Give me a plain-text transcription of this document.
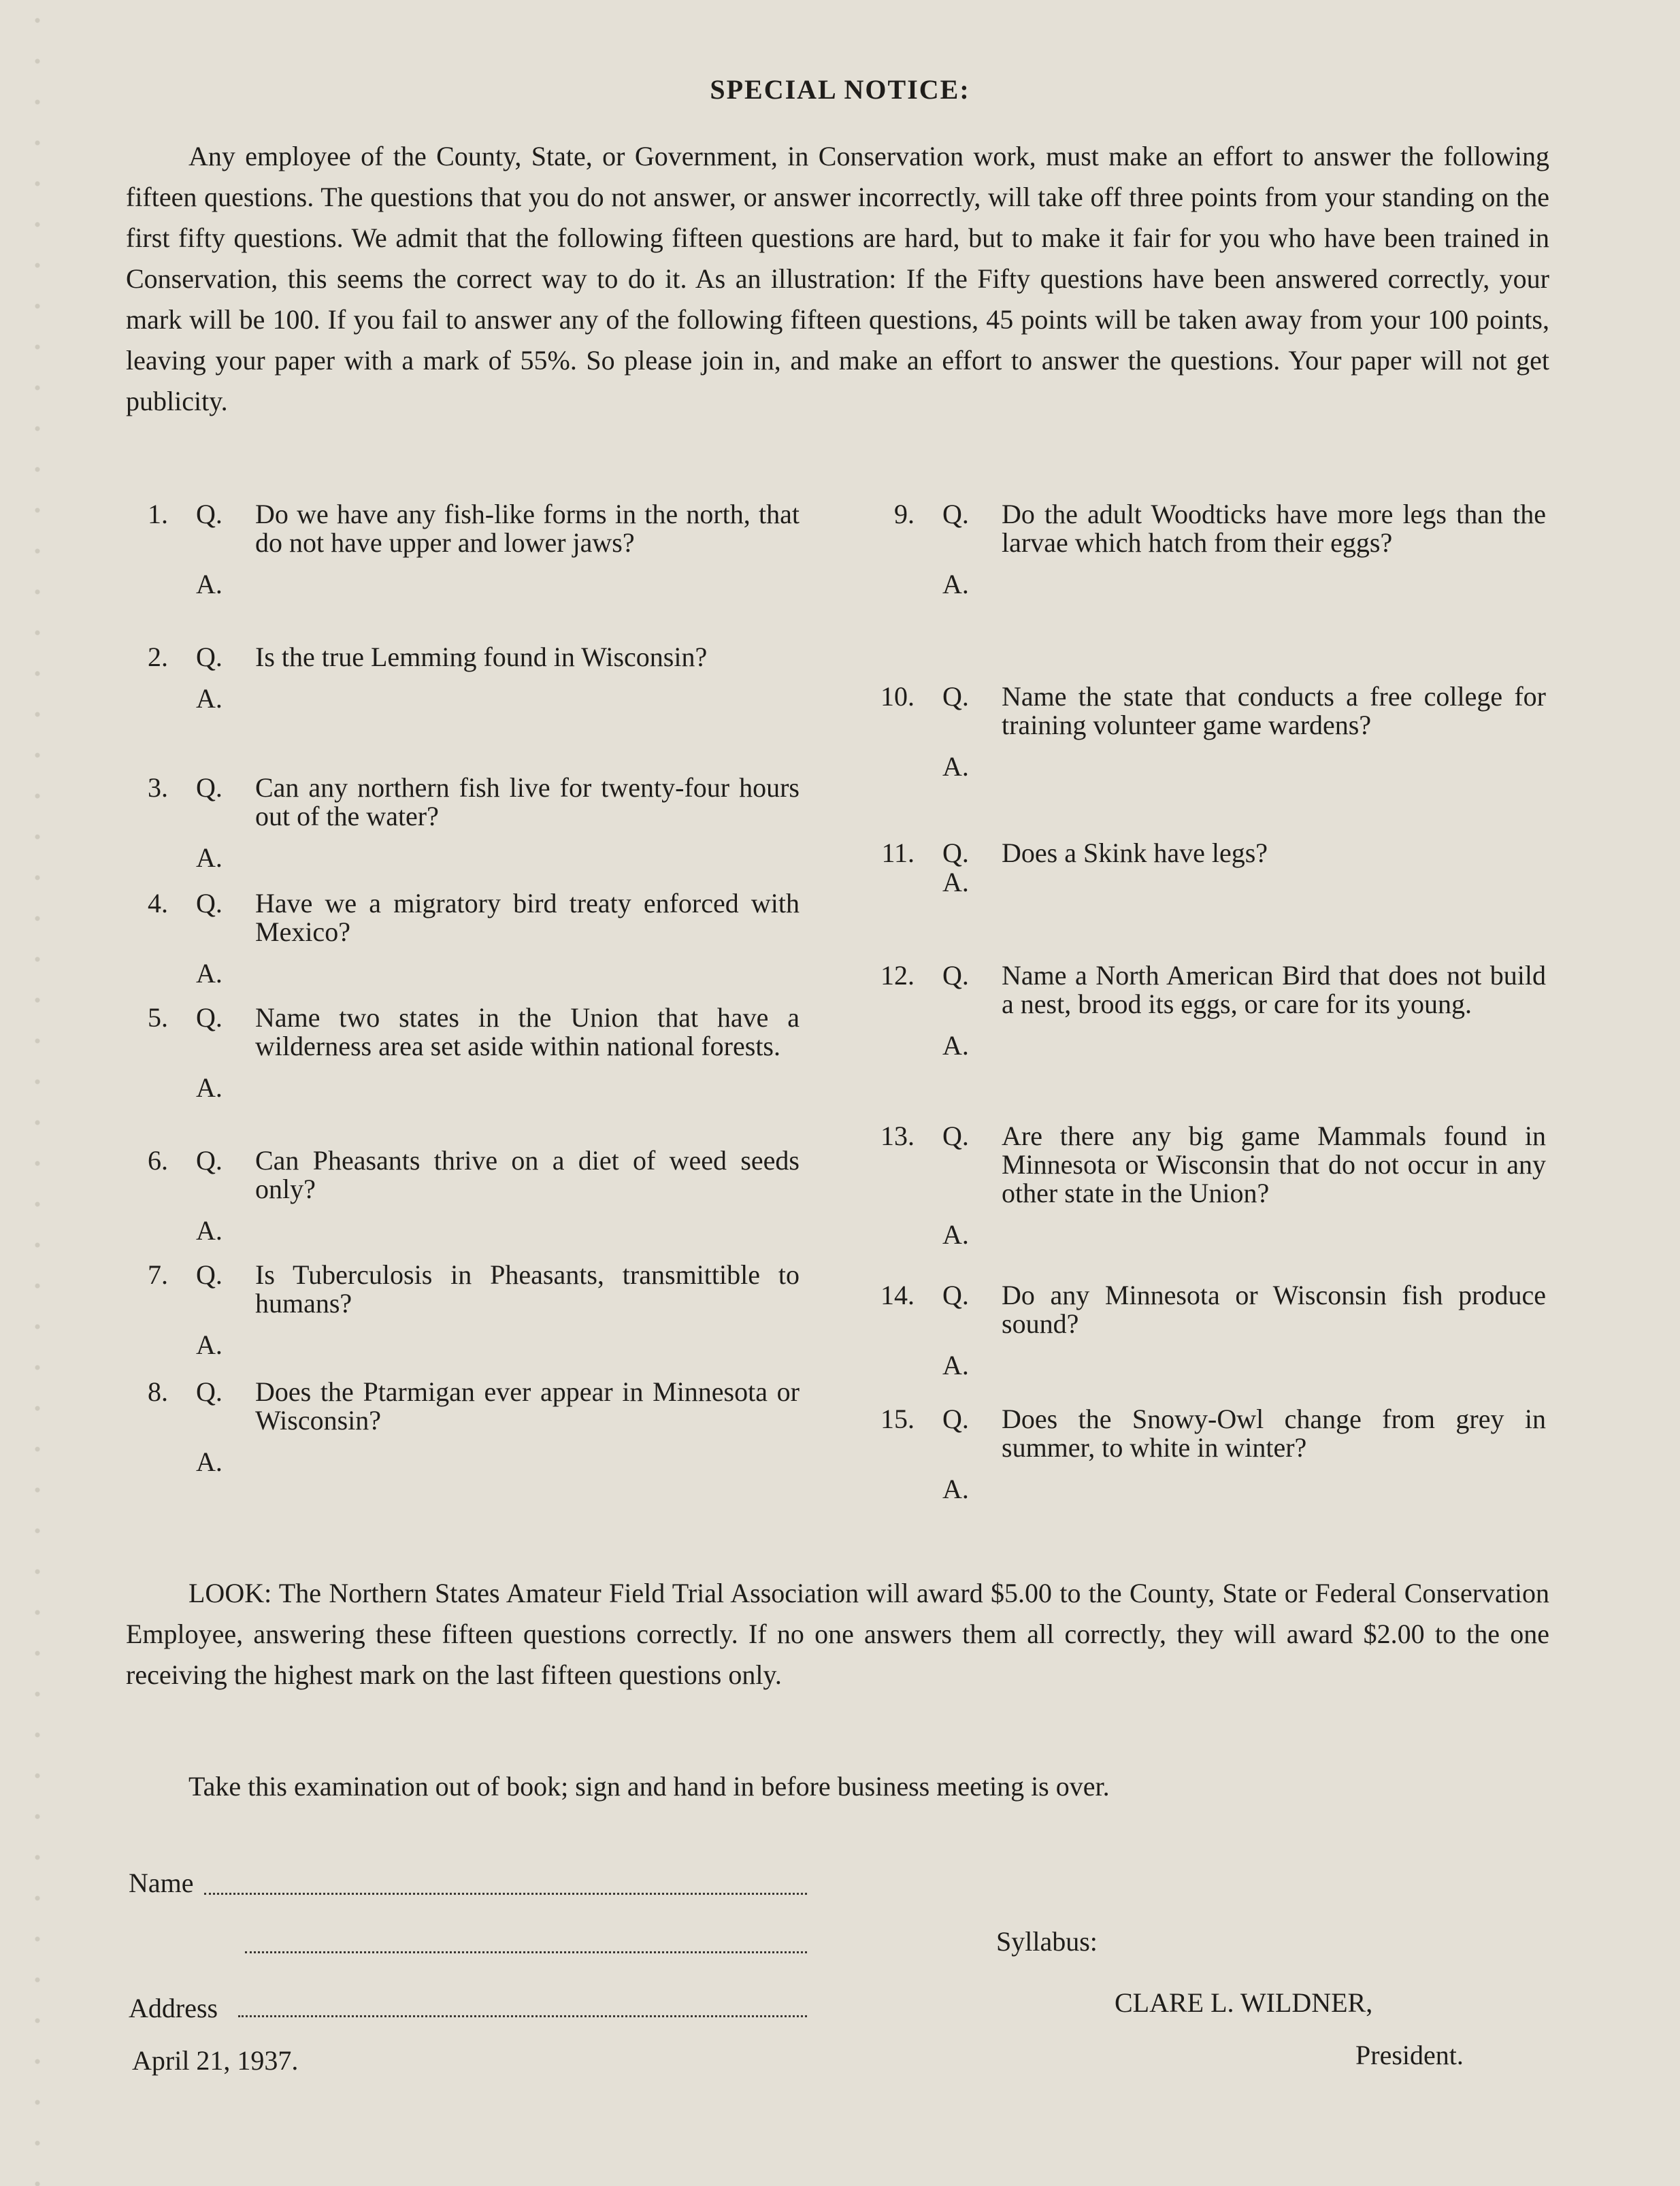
SPECIAL NOTICE:

Any employee of the County, State, or Government, in Conservation work, must make an effort to answer the following fifteen questions. The questions that you do not answer, or answer incorrectly, will take off three points from your standing on the first fifty questions. We admit that the following fifteen questions are hard, but to make it fair for you who have been trained in Conservation, this seems the correct way to do it. As an illustration: If the Fifty questions have been answered correctly, your mark will be 100. If you fail to answer any of the following fifteen questions, 45 points will be taken away from your 100 points, leaving your paper with a mark of 55%. So please join in, and make an effort to answer the questions. Your paper will not get publicity.

1. Q. Do we have any fish-like forms in the north, that do not have upper and lower jaws?
A.
2. Q. Is the true Lemming found in Wisconsin?
A.
3. Q. Can any northern fish live for twenty-four hours out of the water?
A.
4. Q. Have we a migratory bird treaty enforced with Mexico?
A.
5. Q. Name two states in the Union that have a wilderness area set aside within national forests.
A.
6. Q. Can Pheasants thrive on a diet of weed seeds only?
A.
7. Q. Is Tuberculosis in Pheasants, transmittible to humans?
A.
8. Q. Does the Ptarmigan ever appear in Minnesota or Wisconsin?
A.
9. Q. Do the adult Woodticks have more legs than the larvae which hatch from their eggs?
A.
10. Q. Name the state that conducts a free college for training volunteer game wardens?
A.
11. Q. Does a Skink have legs?
A.
12. Q. Name a North American Bird that does not build a nest, brood its eggs, or care for its young.
A.
13. Q. Are there any big game Mammals found in Minnesota or Wisconsin that do not occur in any other state in the Union?
A.
14. Q. Do any Minnesota or Wisconsin fish produce sound?
A.
15. Q. Does the Snowy-Owl change from grey in summer, to white in winter?
A.

LOOK: The Northern States Amateur Field Trial Association will award $5.00 to the County, State or Federal Conservation Employee, answering these fifteen questions correctly. If no one answers them all correctly, they will award $2.00 to the one receiving the highest mark on the last fifteen questions only.

Take this examination out of book; sign and hand in before business meeting is over.

Name
Address
April 21, 1937.
Syllabus:
CLARE L. WILDNER,
President.
